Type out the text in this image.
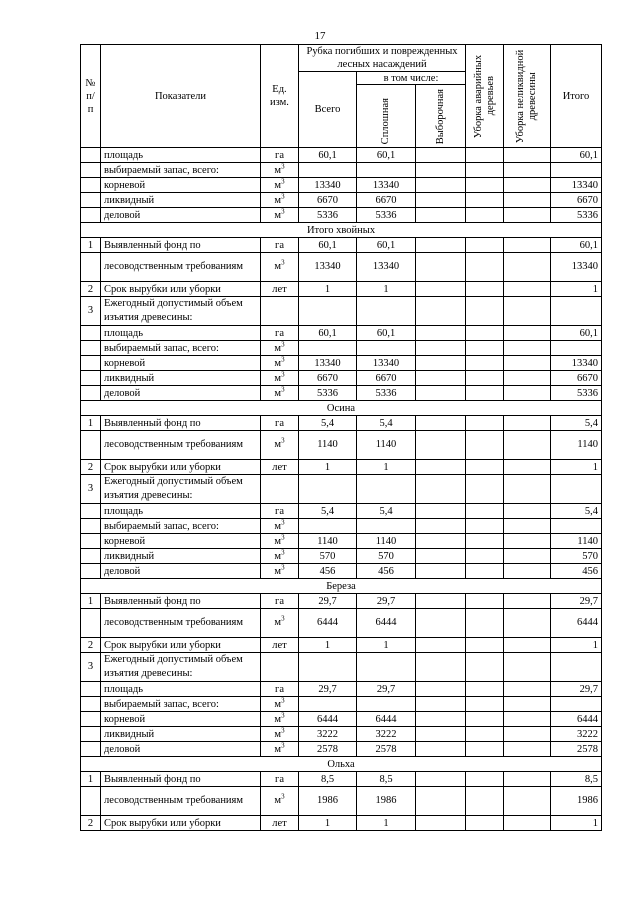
17
№ п/п	Показатели	Ед. изм.	Рубка погибших и поврежденных лесных насаждений			Уборка аварийных деревьев	Уборка неликвидной древесины	Итого
			Всего	в том числе:				
				Сплошная	Выборочная			
	площадь	га	60,1	60,1				60,1
	выбираемый запас, всего:	$м^3$						
	корневой	$м^3$	13340	13340				13340
	ликвидный	$м^3$	6670	6670				6670
	деловой	$м^3$	5336	5336				5336
Итого хвойных								
1	Выявленный фонд по	га	60,1	60,1				60,1
	лесоводственным требованиям	$м^3$	13340	13340				13340
2	Срок вырубки или уборки	лет	1	1				1
3	Ежегодный допустимый объем изъятия древесины:							
	площадь	га	60,1	60,1				60,1
	выбираемый запас, всего:	$м^3$						
	корневой	$м^3$	13340	13340				13340
	ликвидный	$м^3$	6670	6670				6670
	деловой	$м^3$	5336	5336				5336
Осина								
1	Выявленный фонд по	га	5,4	5,4				5,4
	лесоводственным требованиям	$м^3$	1140	1140				1140
2	Срок вырубки или уборки	лет	1	1				1
3	Ежегодный допустимый объем изъятия древесины:							
	площадь	га	5,4	5,4				5,4
	выбираемый запас, всего:	$м^3$						
	корневой	$м^3$	1140	1140				1140
	ликвидный	$м^3$	570	570				570
	деловой	$м^3$	456	456				456
Береза								
1	Выявленный фонд по	га	29,7	29,7				29,7
	лесоводственным требованиям	$м^3$	6444	6444				6444
2	Срок вырубки или уборки	лет	1	1				1
3	Ежегодный допустимый объем изъятия древесины:							
	площадь	га	29,7	29,7				29,7
	выбираемый запас, всего:	$м^3$						
	корневой	$м^3$	6444	6444				6444
	ликвидный	$м^3$	3222	3222				3222
	деловой	$м^3$	2578	2578				2578
Ольха								
1	Выявленный фонд по	га	8,5	8,5				8,5
	лесоводственным требованиям	$м^3$	1986	1986				1986
2	Срок вырубки или уборки	лет	1	1				1
